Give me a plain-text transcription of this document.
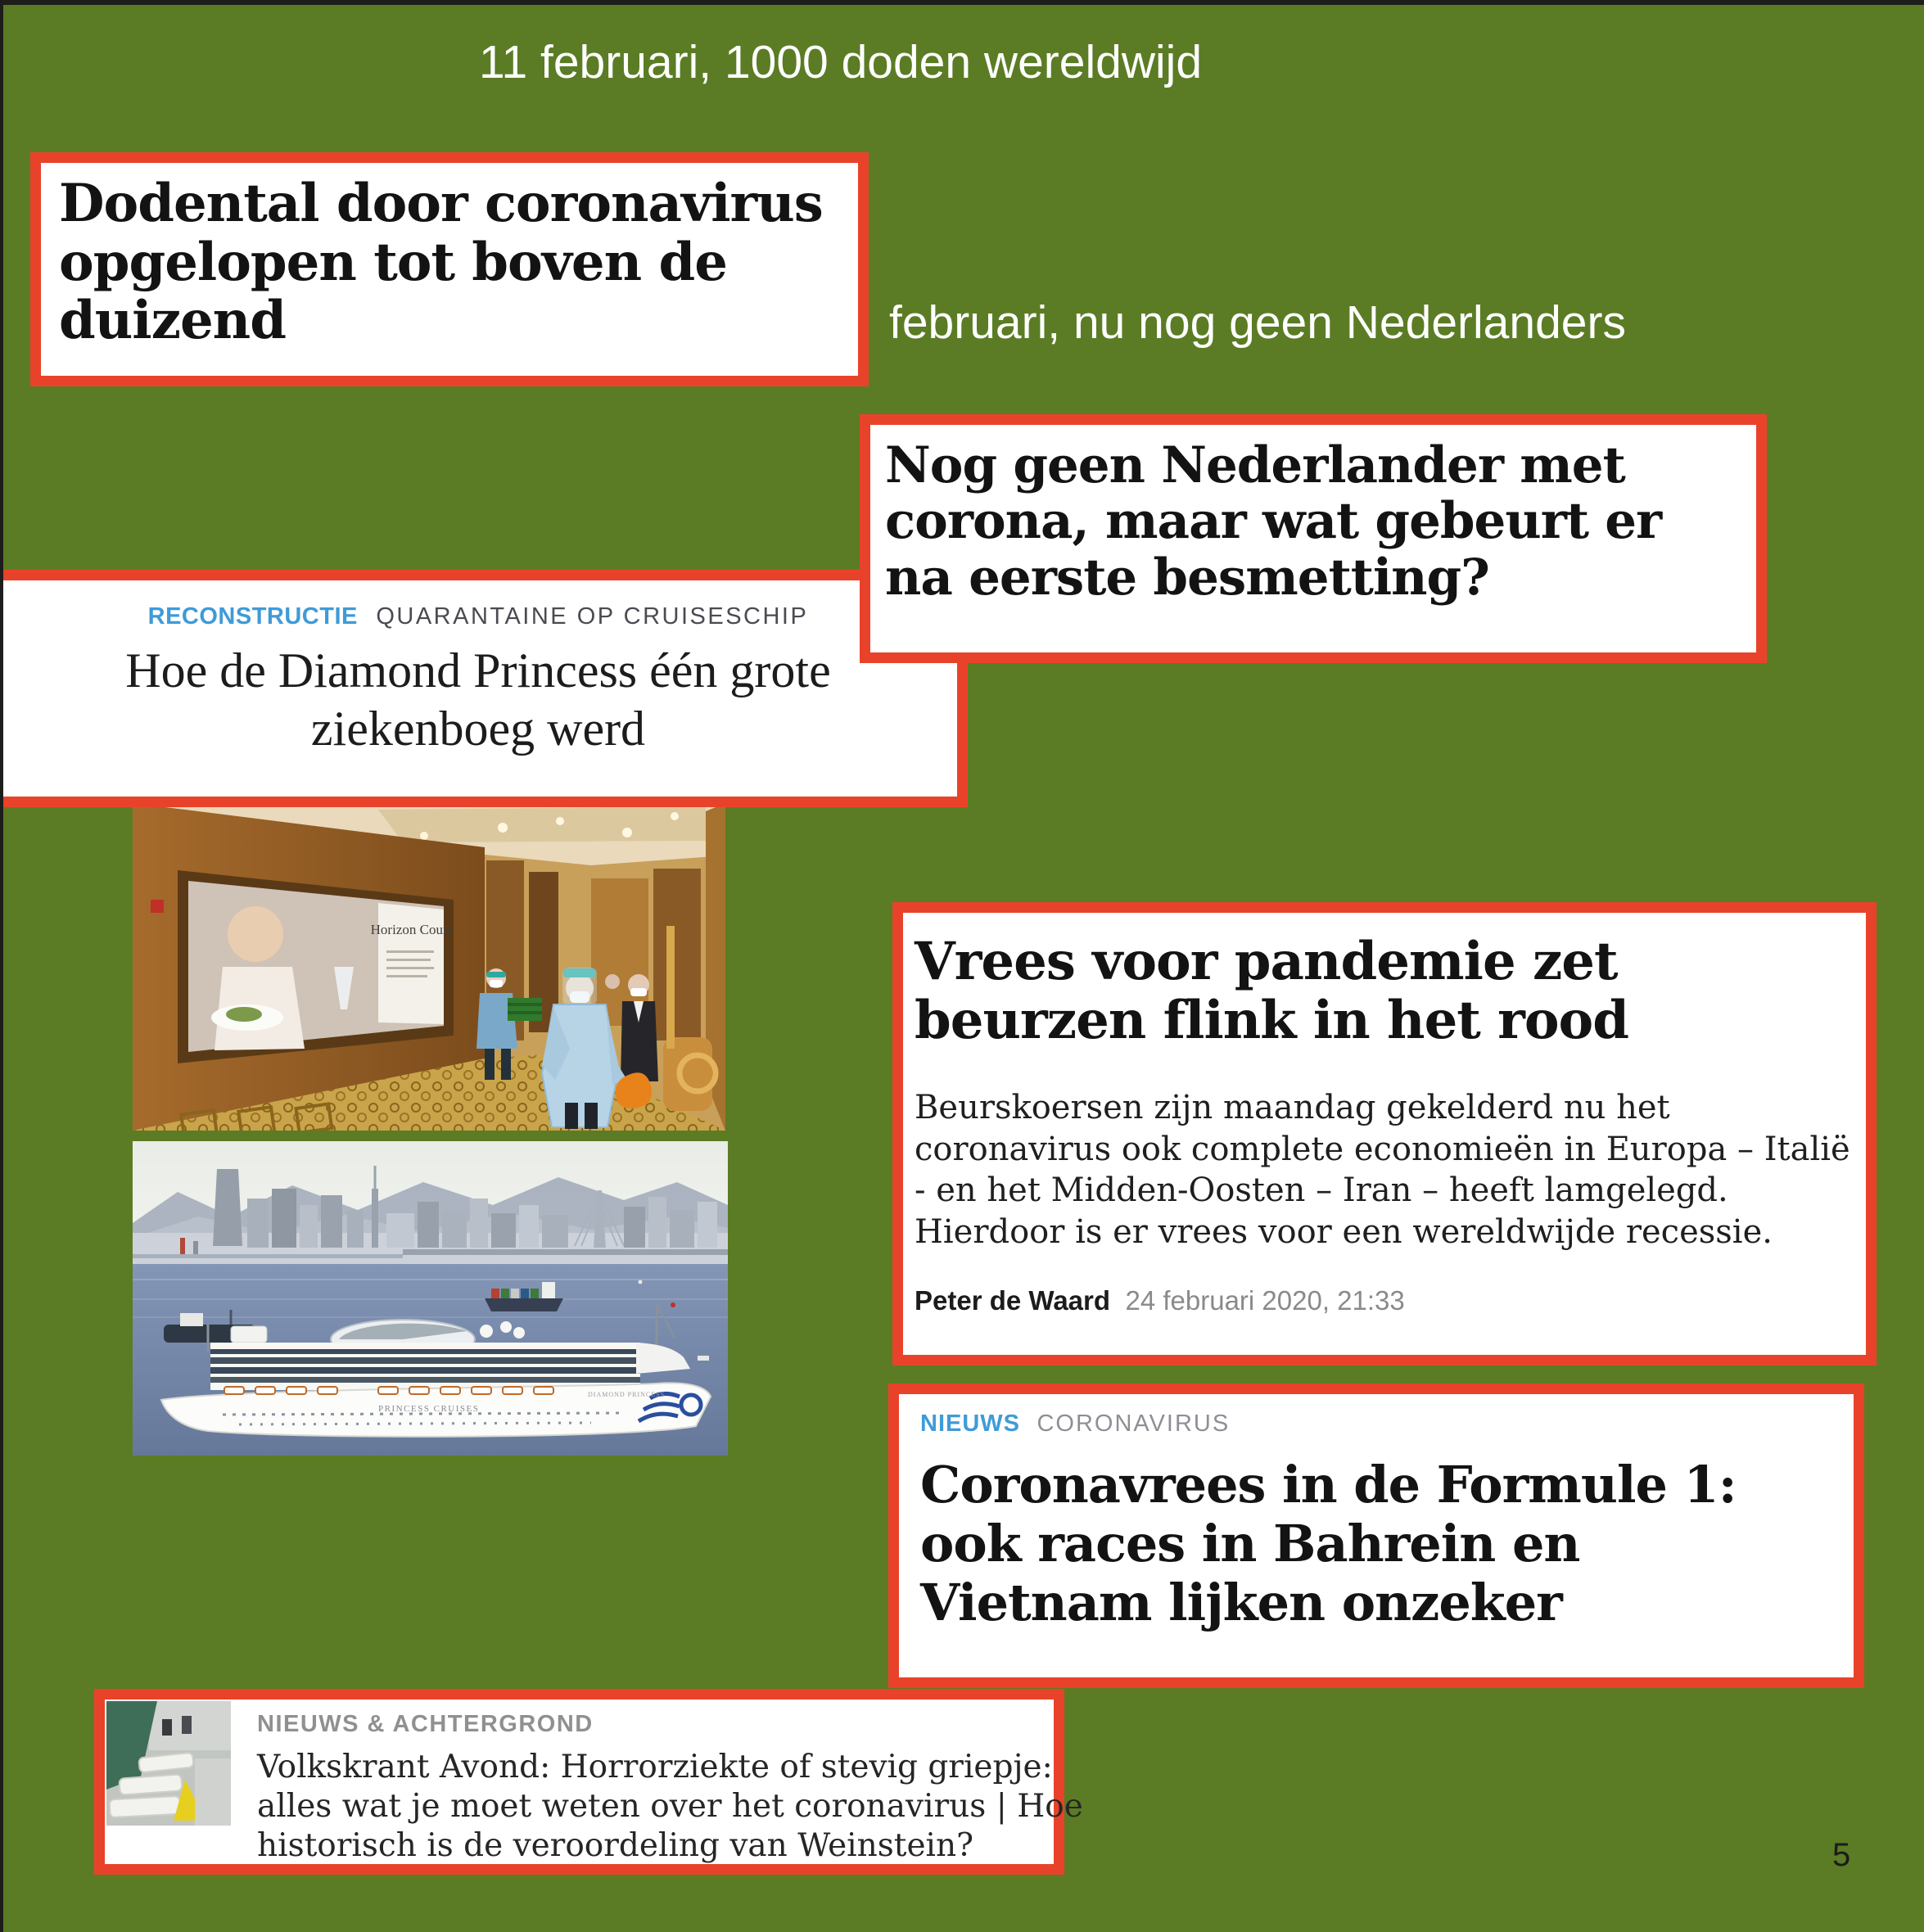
11 februari, 1000 doden wereldwijd
februari, nu nog geen Nederlanders
Dodental door coronavirus
opgelopen tot boven de
duizend
RECONSTRUCTIE QUARANTAINE OP CRUISESCHIP
Hoe de Diamond Princess één grote
ziekenboeg werd
Nog geen Nederlander met
corona, maar wat gebeurt er
na eerste besmetting?
Horizon Court
PRINCESS CRUISES
DIAMOND PRINCESS
Vrees voor pandemie zet
beurzen flink in het rood
Beurskoersen zijn maandag gekelderd nu het
coronavirus ook complete economieën in Europa – Italië
- en het Midden-Oosten – Iran – heeft lamgelegd.
Hierdoor is er vrees voor een wereldwijde recessie.
Peter de Waard 24 februari 2020, 21:33
NIEUWS CORONAVIRUS
Coronavrees in de Formule 1:
ook races in Bahrein en
Vietnam lijken onzeker
NIEUWS & ACHTERGROND
Volkskrant Avond: Horrorziekte of stevig griepje:
alles wat je moet weten over het coronavirus | Hoe
historisch is de veroordeling van Weinstein?	5
